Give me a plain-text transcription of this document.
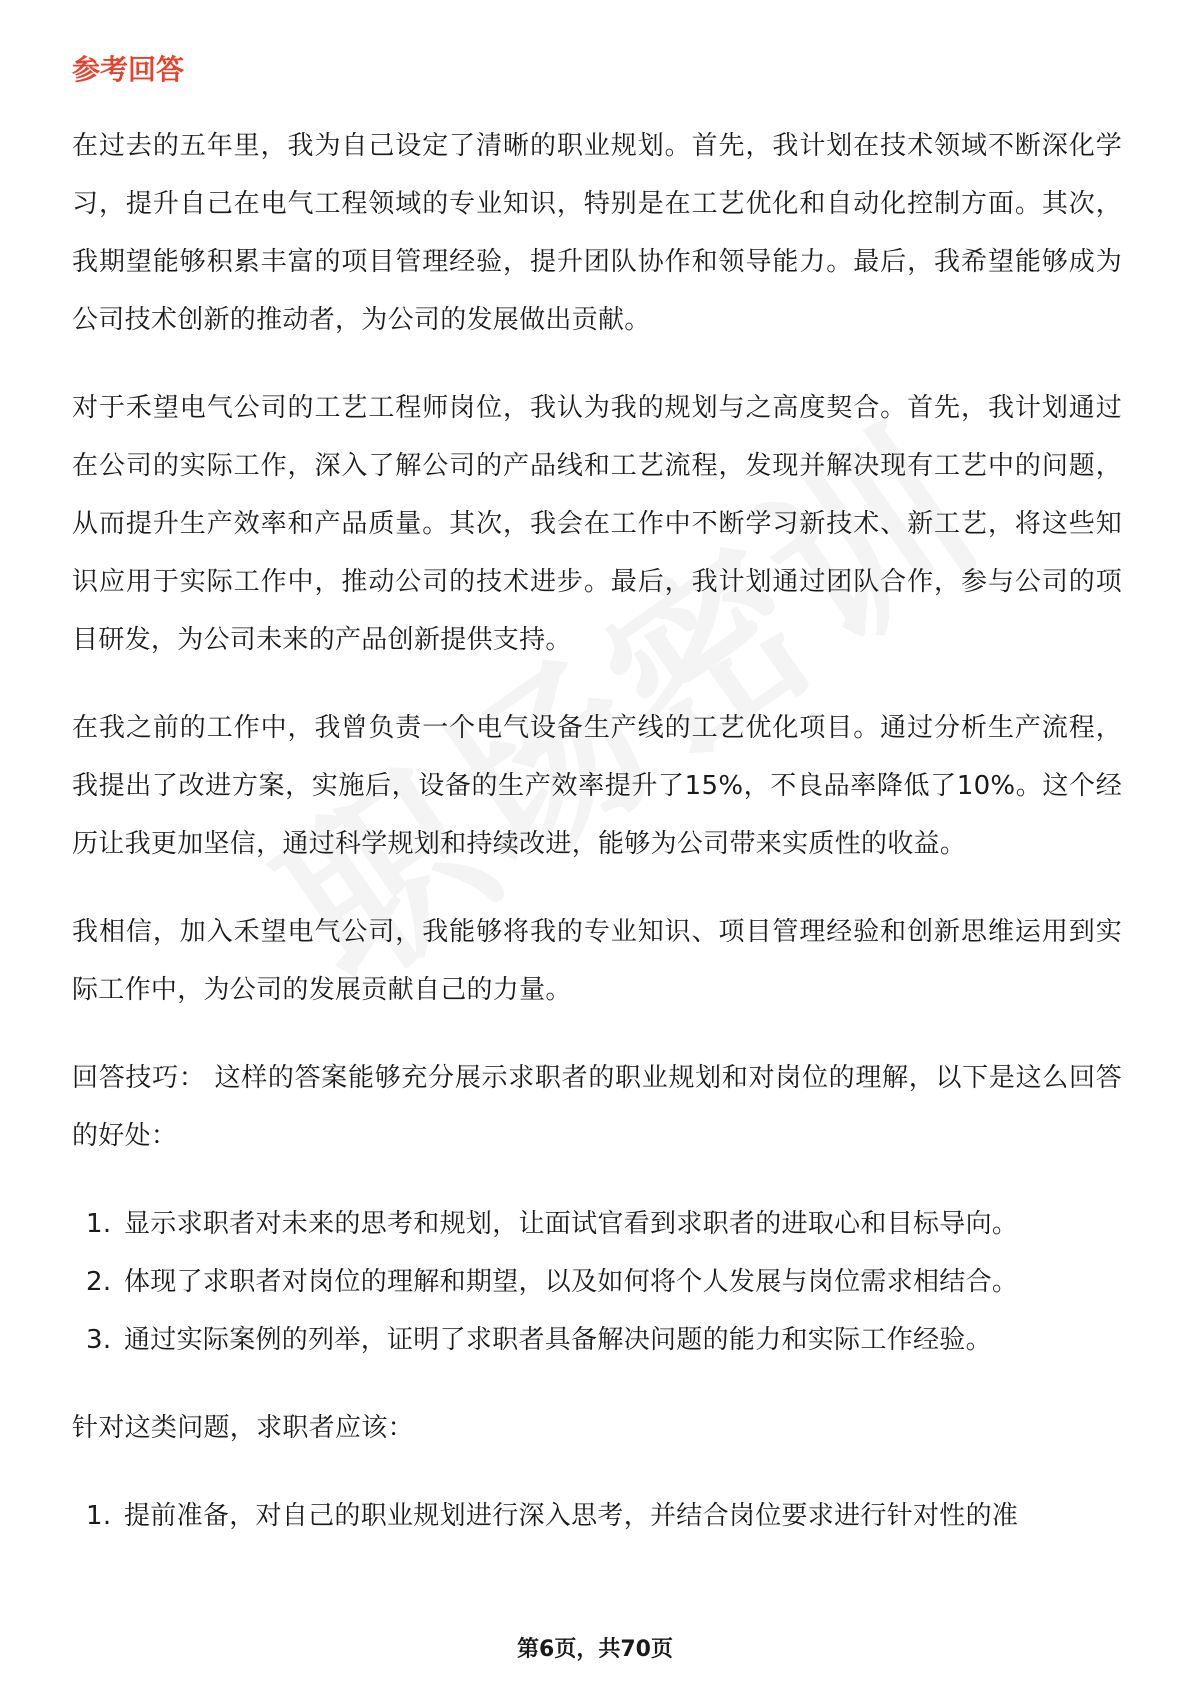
参考回答

在过去的五年里，我为自己设定了清晰的职业规划。首先，我计划在技术领域不断深化学习，提升自己在电气工程领域的专业知识，特别是在工艺优化和自动化控制方面。其次，我期望能够积累丰富的项目管理经验，提升团队协作和领导能力。最后，我希望能够成为公司技术创新的推动者，为公司的发展做出贡献。

对于禾望电气公司的工艺工程师岗位，我认为我的规划与之高度契合。首先，我计划通过在公司的实际工作，深入了解公司的产品线和工艺流程，发现并解决现有工艺中的问题，从而提升生产效率和产品质量。其次，我会在工作中不断学习新技术、新工艺，将这些知识应用于实际工作中，推动公司的技术进步。最后，我计划通过团队合作，参与公司的项目研发，为公司未来的产品创新提供支持。

在我之前的工作中，我曾负责一个电气设备生产线的工艺优化项目。通过分析生产流程，我提出了改进方案，实施后，设备的生产效率提升了15%，不良品率降低了10%。这个经历让我更加坚信，通过科学规划和持续改进，能够为公司带来实质性的收益。

我相信，加入禾望电气公司，我能够将我的专业知识、项目管理经验和创新思维运用到实际工作中，为公司的发展贡献自己的力量。

回答技巧： 这样的答案能够充分展示求职者的职业规划和对岗位的理解，以下是这么回答的好处：

1. 显示求职者对未来的思考和规划，让面试官看到求职者的进取心和目标导向。
2. 体现了求职者对岗位的理解和期望，以及如何将个人发展与岗位需求相结合。
3. 通过实际案例的列举，证明了求职者具备解决问题的能力和实际工作经验。

针对这类问题，求职者应该：

1. 提前准备，对自己的职业规划进行深入思考，并结合岗位要求进行针对性的准
第6页，共70页
